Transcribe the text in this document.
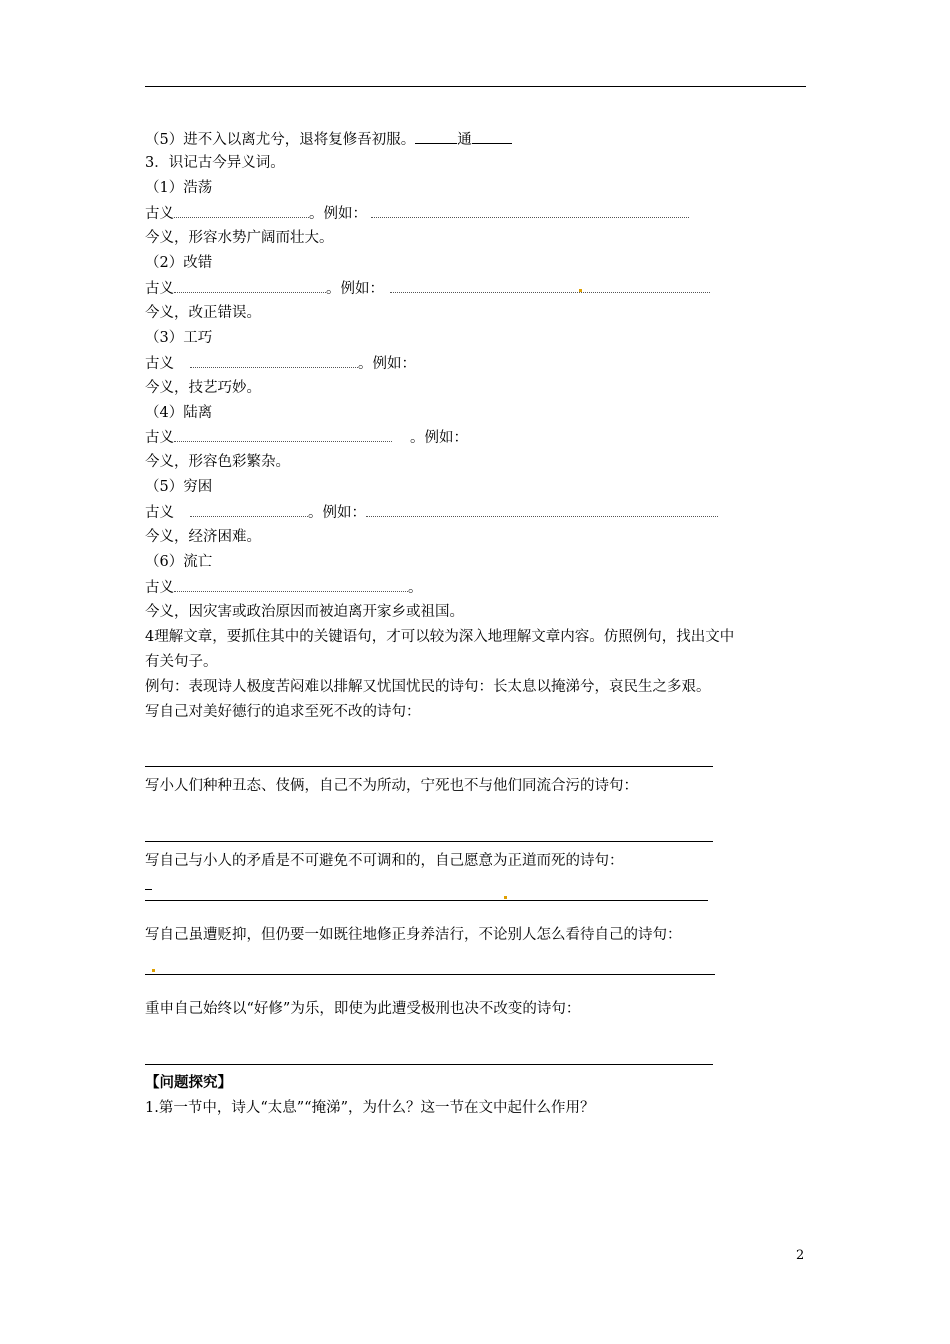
（5）进不入以离尤兮，退将复修吾初服。	通
3．识记古今异义词。
（1）浩荡
古义	。例如：
今义，形容水势广阔而壮大。
（2）改错
古义	。例如：
今义，改正错误。
（3）工巧
古义	。例如：
今义，技艺巧妙。
（4）陆离
古义	。例如：
今义，形容色彩繁杂。
（5）穷困
古义	。例如：
今义，经济困难。
（6）流亡
古义	。
今义，因灾害或政治原因而被迫离开家乡或祖国。
4理解文章，要抓住其中的关键语句，才可以较为深入地理解文章内容。仿照例句，找出文中
有关句子。
例句：表现诗人极度苦闷难以排解又忧国忧民的诗句：长太息以掩涕兮，哀民生之多艰。
写自己对美好德行的追求至死不改的诗句：
写小人们种种丑态、伎俩，自己不为所动，宁死也不与他们同流合污的诗句：
写自己与小人的矛盾是不可避免不可调和的，自己愿意为正道而死的诗句：
写自己虽遭贬抑，但仍要一如既往地修正身养洁行，不论别人怎么看待自己的诗句：
重申自己始终以“好修”为乐，即使为此遭受极刑也决不改变的诗句：
【问题探究】
1.第一节中，诗人“太息”“掩涕”，为什么？这一节在文中起什么作用？
2
